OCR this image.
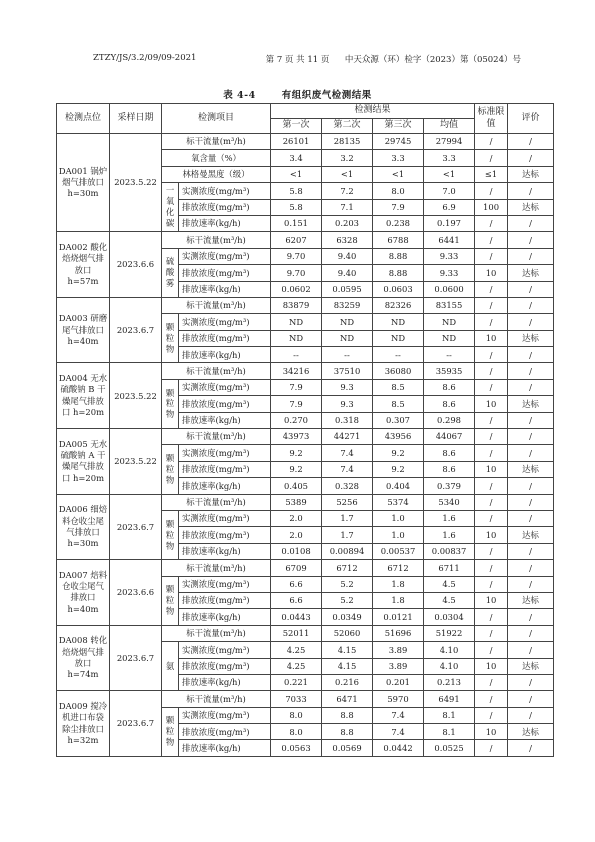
ZTZY/JS/3.2/09/09-2021	第 7 页 共 11 页	中天众源（环）检字（2023）第（05024）号
表 4-4	有组织废气检测结果
检测点位	采样日期	检测项目		检测结果				标准限值	评价
				第一次	第二次	第三次	均值		
DA001 锅炉烟气排放口 h=30m	2023.5.22	标干流量(m³/h)		26101	28135	29745	27994	/	/
		氧含量（%）		3.4	3.2	3.3	3.3	/	/
		林格曼黑度（级）		<1	<1	<1	<1	≤1	达标
		一氧化碳	实测浓度(mg/m³)	5.8	7.2	8.0	7.0	/	/
			排放浓度(mg/m³)	5.8	7.1	7.9	6.9	100	达标
			排放速率(kg/h)	0.151	0.203	0.238	0.197	/	/
DA002 酸化焙烧烟气排放口 h=57m	2023.6.6	标干流量(m³/h)		6207	6328	6788	6441	/	/
		硫酸雾	实测浓度(mg/m³)	9.70	9.40	8.88	9.33	/	/
			排放浓度(mg/m³)	9.70	9.40	8.88	9.33	10	达标
			排放速率(kg/h)	0.0602	0.0595	0.0603	0.0600	/	/
DA003 研磨尾气排放口 h=40m	2023.6.7	标干流量(m³/h)		83879	83259	82326	83155	/	/
		颗粒物	实测浓度(mg/m³)	ND	ND	ND	ND	/	/
			排放浓度(mg/m³)	ND	ND	ND	ND	10	达标
			排放速率(kg/h)	--	--	--	--	/	/
DA004 无水硫酸钠 B 干燥尾气排放口 h=20m	2023.5.22	标干流量(m³/h)		34216	37510	36080	35935	/	/
		颗粒物	实测浓度(mg/m³)	7.9	9.3	8.5	8.6	/	/
			排放浓度(mg/m³)	7.9	9.3	8.5	8.6	10	达标
			排放速率(kg/h)	0.270	0.318	0.307	0.298	/	/
DA005 无水硫酸钠 A 干燥尾气排放口 h=20m	2023.5.22	标干流量(m³/h)		43973	44271	43956	44067	/	/
		颗粒物	实测浓度(mg/m³)	9.2	7.4	9.2	8.6	/	/
			排放浓度(mg/m³)	9.2	7.4	9.2	8.6	10	达标
			排放速率(kg/h)	0.405	0.328	0.404	0.379	/	/
DA006 细焙料仓收尘尾气排放口 h=30m	2023.6.7	标干流量(m³/h)		5389	5256	5374	5340	/	/
		颗粒物	实测浓度(mg/m³)	2.0	1.7	1.0	1.6	/	/
			排放浓度(mg/m³)	2.0	1.7	1.0	1.6	10	达标
			排放速率(kg/h)	0.0108	0.00894	0.00537	0.00837	/	/
DA007 焙料仓收尘尾气排放口 h=40m	2023.6.6	标干流量(m³/h)		6709	6712	6712	6711	/	/
		颗粒物	实测浓度(mg/m³)	6.6	5.2	1.8	4.5	/	/
			排放浓度(mg/m³)	6.6	5.2	1.8	4.5	10	达标
			排放速率(kg/h)	0.0443	0.0349	0.0121	0.0304	/	/
DA008 转化焙烧烟气排放口 h=74m	2023.6.7	标干流量(m³/h)		52011	52060	51696	51922	/	/
		氨	实测浓度(mg/m³)	4.25	4.15	3.89	4.10	/	/
			排放浓度(mg/m³)	4.25	4.15	3.89	4.10	10	达标
			排放速率(kg/h)	0.221	0.216	0.201	0.213	/	/
DA009 搅冷机进口布袋除尘排放口 h=32m	2023.6.7	标干流量(m³/h)		7033	6471	5970	6491	/	/
		颗粒物	实测浓度(mg/m³)	8.0	8.8	7.4	8.1	/	/
			排放浓度(mg/m³)	8.0	8.8	7.4	8.1	10	达标
			排放速率(kg/h)	0.0563	0.0569	0.0442	0.0525	/	/
